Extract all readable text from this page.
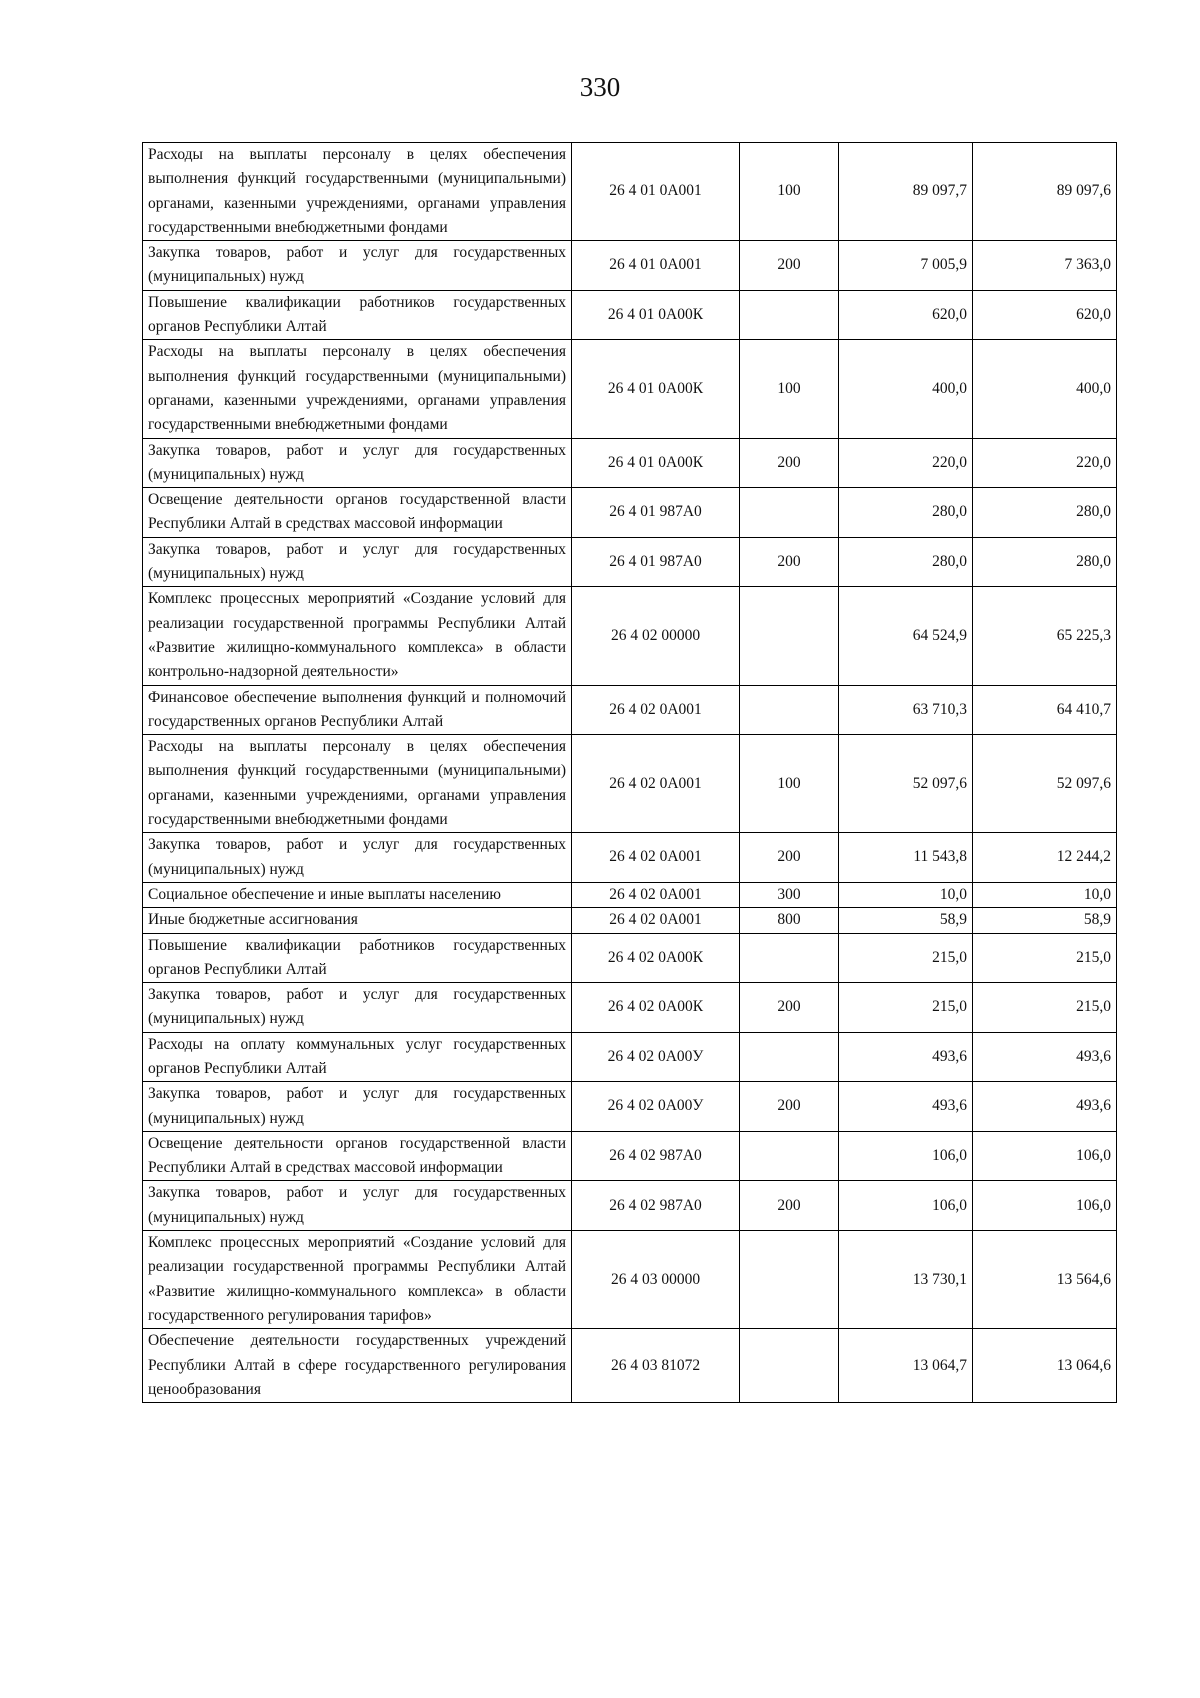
330
Расходы на выплаты персоналу в целях обеспечения выполнения функций государственными (муниципальными) органами, казенными учреждениями, органами управления государственными внебюджетными фондами	26 4 01 0А001	100	89 097,7	89 097,6
Закупка товаров, работ и услуг для государственных (муниципальных) нужд	26 4 01 0А001	200	7 005,9	7 363,0
Повышение квалификации работников государственных органов Республики Алтай	26 4 01 0А00К		620,0	620,0
Расходы на выплаты персоналу в целях обеспечения выполнения функций государственными (муниципальными) органами, казенными учреждениями, органами управления государственными внебюджетными фондами	26 4 01 0А00К	100	400,0	400,0
Закупка товаров, работ и услуг для государственных (муниципальных) нужд	26 4 01 0А00К	200	220,0	220,0
Освещение деятельности органов государственной власти Республики Алтай в средствах массовой информации	26 4 01 987А0		280,0	280,0
Закупка товаров, работ и услуг для государственных (муниципальных) нужд	26 4 01 987А0	200	280,0	280,0
Комплекс процессных мероприятий «Создание условий для реализации государственной программы Республики Алтай «Развитие жилищно-коммунального комплекса» в области контрольно-надзорной деятельности»	26 4 02 00000		64 524,9	65 225,3
Финансовое обеспечение выполнения функций и полномочий государственных органов Республики Алтай	26 4 02 0А001		63 710,3	64 410,7
Расходы на выплаты персоналу в целях обеспечения выполнения функций государственными (муниципальными) органами, казенными учреждениями, органами управления государственными внебюджетными фондами	26 4 02 0А001	100	52 097,6	52 097,6
Закупка товаров, работ и услуг для государственных (муниципальных) нужд	26 4 02 0А001	200	11 543,8	12 244,2
Социальное обеспечение и иные выплаты населению	26 4 02 0А001	300	10,0	10,0
Иные бюджетные ассигнования	26 4 02 0А001	800	58,9	58,9
Повышение квалификации работников государственных органов Республики Алтай	26 4 02 0А00К		215,0	215,0
Закупка товаров, работ и услуг для государственных (муниципальных) нужд	26 4 02 0А00К	200	215,0	215,0
Расходы на оплату коммунальных услуг государственных органов Республики Алтай	26 4 02 0А00У		493,6	493,6
Закупка товаров, работ и услуг для государственных (муниципальных) нужд	26 4 02 0А00У	200	493,6	493,6
Освещение деятельности органов государственной власти Республики Алтай в средствах массовой информации	26 4 02 987А0		106,0	106,0
Закупка товаров, работ и услуг для государственных (муниципальных) нужд	26 4 02 987А0	200	106,0	106,0
Комплекс процессных мероприятий «Создание условий для реализации государственной программы Республики Алтай «Развитие жилищно-коммунального комплекса» в области государственного регулирования тарифов»	26 4 03 00000		13 730,1	13 564,6
Обеспечение деятельности государственных учреждений Республики Алтай в сфере государственного регулирования ценообразования	26 4 03 81072		13 064,7	13 064,6
